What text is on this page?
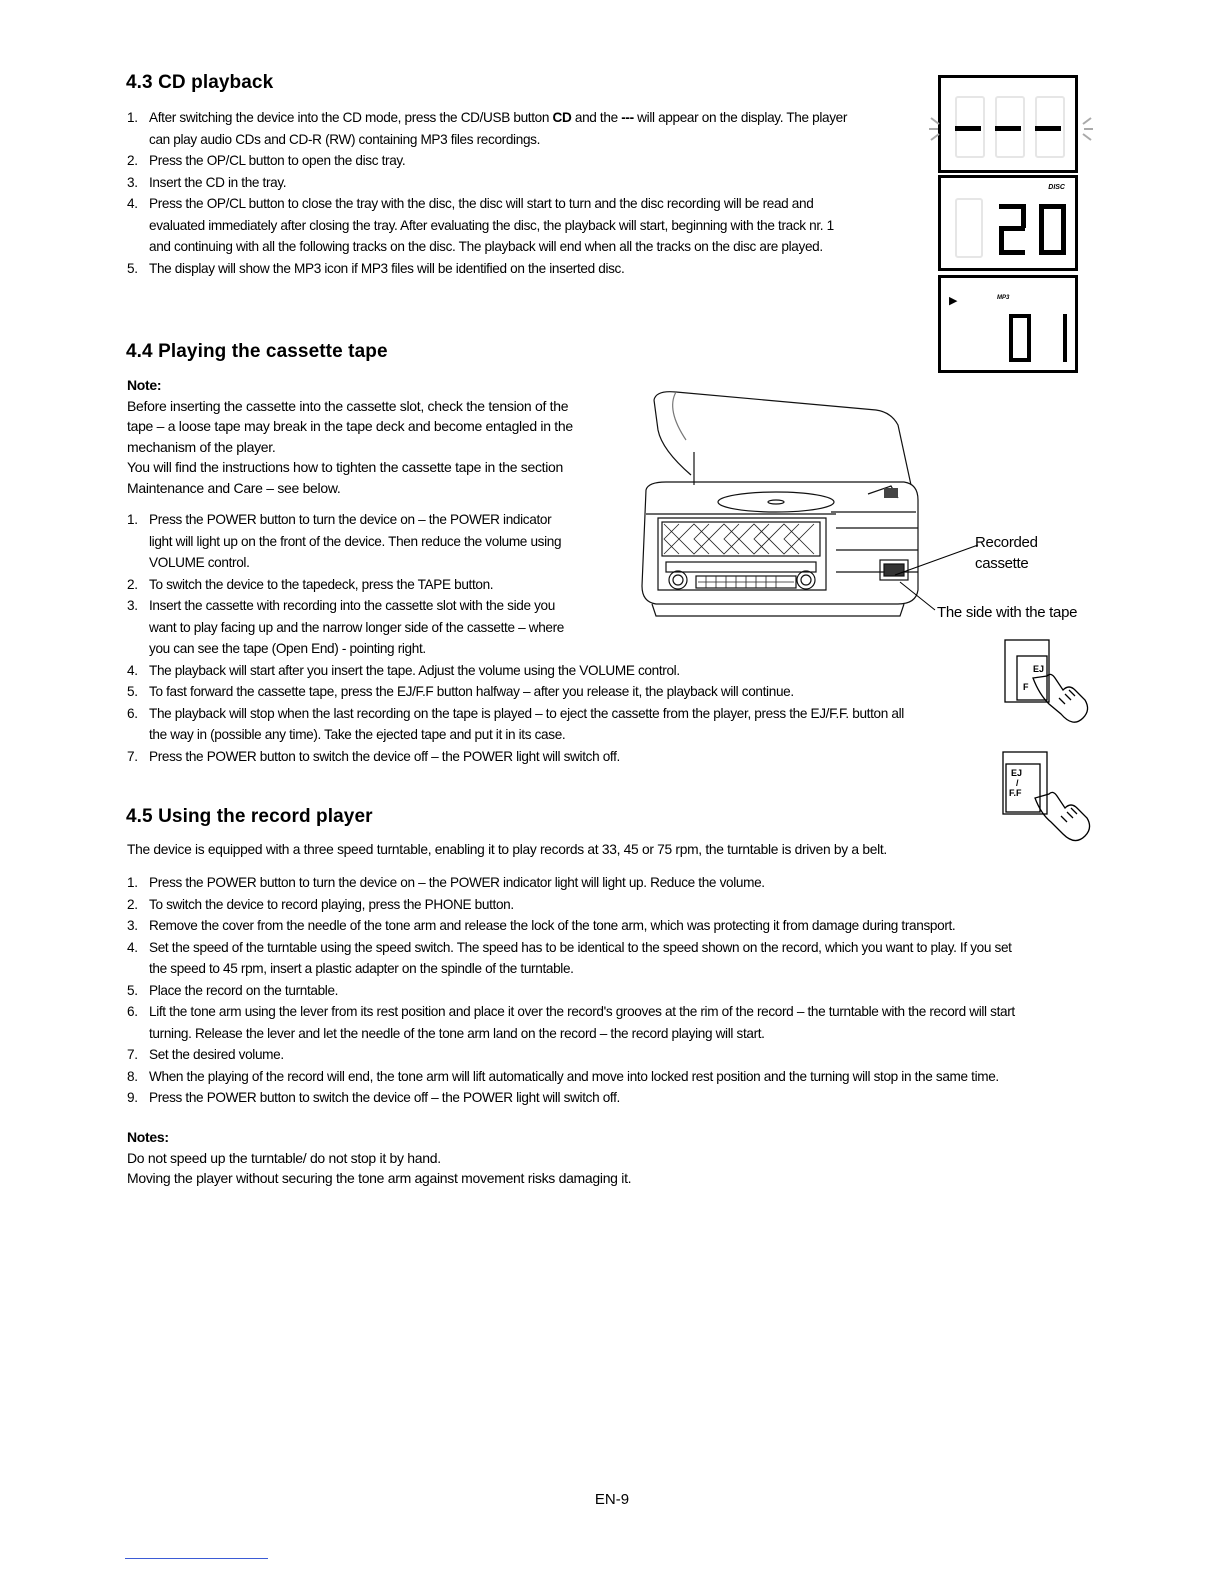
4.3 CD playback
1. After switching the device into the CD mode, press the CD/USB button CD and the --- will appear on the display. The player
can play audio CDs and CD-R (RW) containing MP3 files recordings.
2. Press the OP/CL button to open the disc tray.
3. Insert the CD in the tray.
4. Press the OP/CL button to close the tray with the disc, the disc will start to turn and the disc recording will be read and
evaluated immediately after closing the tray. After evaluating the disc, the playback will start, beginning with the track nr. 1
and continuing with all the following tracks on the disc. The playback will end when all the tracks on the disc are played.
5. The display will show the MP3 icon if MP3 files will be identified on the inserted disc.
4.4 Playing the cassette tape
Note:
Before inserting the cassette into the cassette slot, check the tension of the
tape – a loose tape may break in the tape deck and become entagled in the
mechanism of the player.
You will find the instructions how to tighten the cassette tape in the section
Maintenance and Care – see below.
1. Press the POWER button to turn the device on – the POWER indicator
light will light up on the front of the device. Then reduce the volume using
VOLUME control.
2. To switch the device to the tapedeck, press the TAPE button.
3. Insert the cassette with recording into the cassette slot with the side you
want to play facing up and the narrow longer side of the cassette – where
you can see the tape (Open End) - pointing right.
4. The playback will start after you insert the tape. Adjust the volume using the VOLUME control.
5. To fast forward the cassette tape, press the EJ/F.F button halfway – after you release it, the playback will continue.
6. The playback will stop when the last recording on the tape is played – to eject the cassette from the player, press the EJ/F.F. button all
the way in (possible any time). Take the ejected tape and put it in its case.
7. Press the POWER button to switch the device off – the POWER light will switch off.
4.5 Using the record player
The device is equipped with a three speed turntable, enabling it to play records at 33, 45 or 75 rpm, the turntable is driven by a belt.
1. Press the POWER button to turn the device on – the POWER indicator light will light up. Reduce the volume.
2. To switch the device to record playing, press the PHONE button.
3. Remove the cover from the needle of the tone arm and release the lock of the tone arm, which was protecting it from damage during transport.
4. Set the speed of the turntable using the speed switch. The speed has to be identical to the speed shown on the record, which you want to play. If you set
the speed to 45 rpm, insert a plastic adapter on the spindle of the turntable.
5. Place the record on the turntable.
6. Lift the tone arm using the lever from its rest position and place it over the record's grooves at the rim of the record – the turntable with the record will start
turning. Release the lever and let the needle of the tone arm land on the record – the record playing will start.
7. Set the desired volume.
8. When the playing of the record will end, the tone arm will lift automatically and move into locked rest position and the turning will stop in the same time.
9. Press the POWER button to switch the device off – the POWER light will switch off.
Notes:
Do not speed up the turntable/ do not stop it by hand.
Moving the player without securing the tone arm against movement risks damaging it.
DISC
▶	MP3
Recorded
cassette
The side with the tape
EJ
F
EJ
/
F.F
EN-9
